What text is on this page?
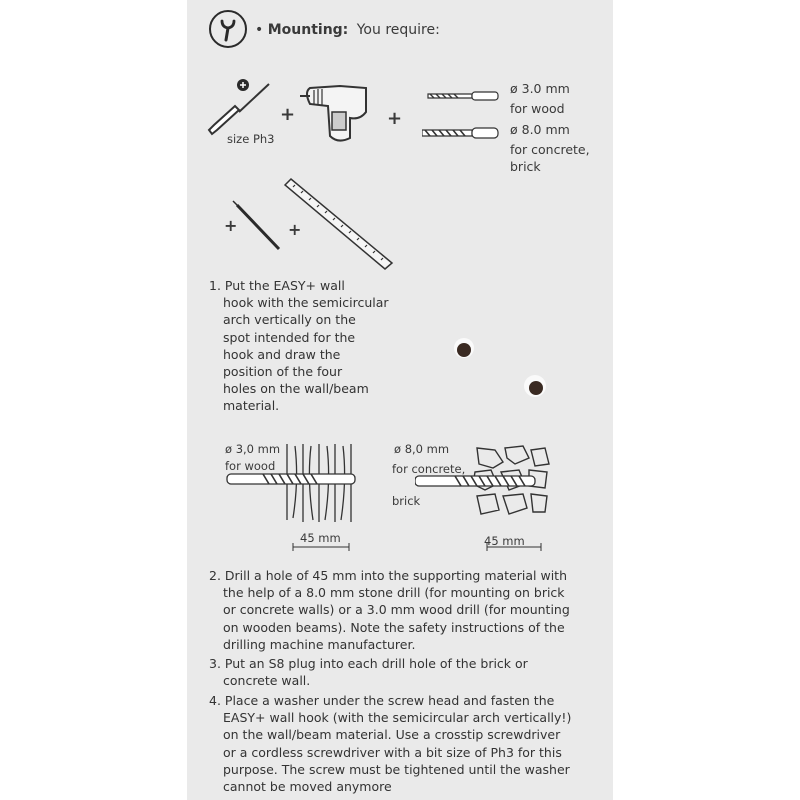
• Mounting: You require:
size Ph3
+	+
ø 3.0 mm
for wood
ø 8.0 mm
for concrete,
brick
+	+
1. Put the EASY+ wall
hook with the semicircular
arch vertically on the
spot intended for the
hook and draw the
position of the four
holes on the wall/beam
material.
ø 3,0 mm
for wood
45 mm
ø 8,0 mm
for concrete,
brick
45 mm
2. Drill a hole of 45 mm into the supporting material with
the help of a 8.0 mm stone drill (for mounting on brick
or concrete walls) or a 3.0 mm wood drill (for mounting
on wooden beams). Note the safety instructions of the
drilling machine manufacturer.
3. Put an S8 plug into each drill hole of the brick or
concrete wall.
4. Place a washer under the screw head and fasten the
EASY+ wall hook (with the semicircular arch vertically!)
on the wall/beam material. Use a crosstip screwdriver
or a cordless screwdriver with a bit size of Ph3 for this
purpose. The screw must be tightened until the washer
cannot be moved anymore
